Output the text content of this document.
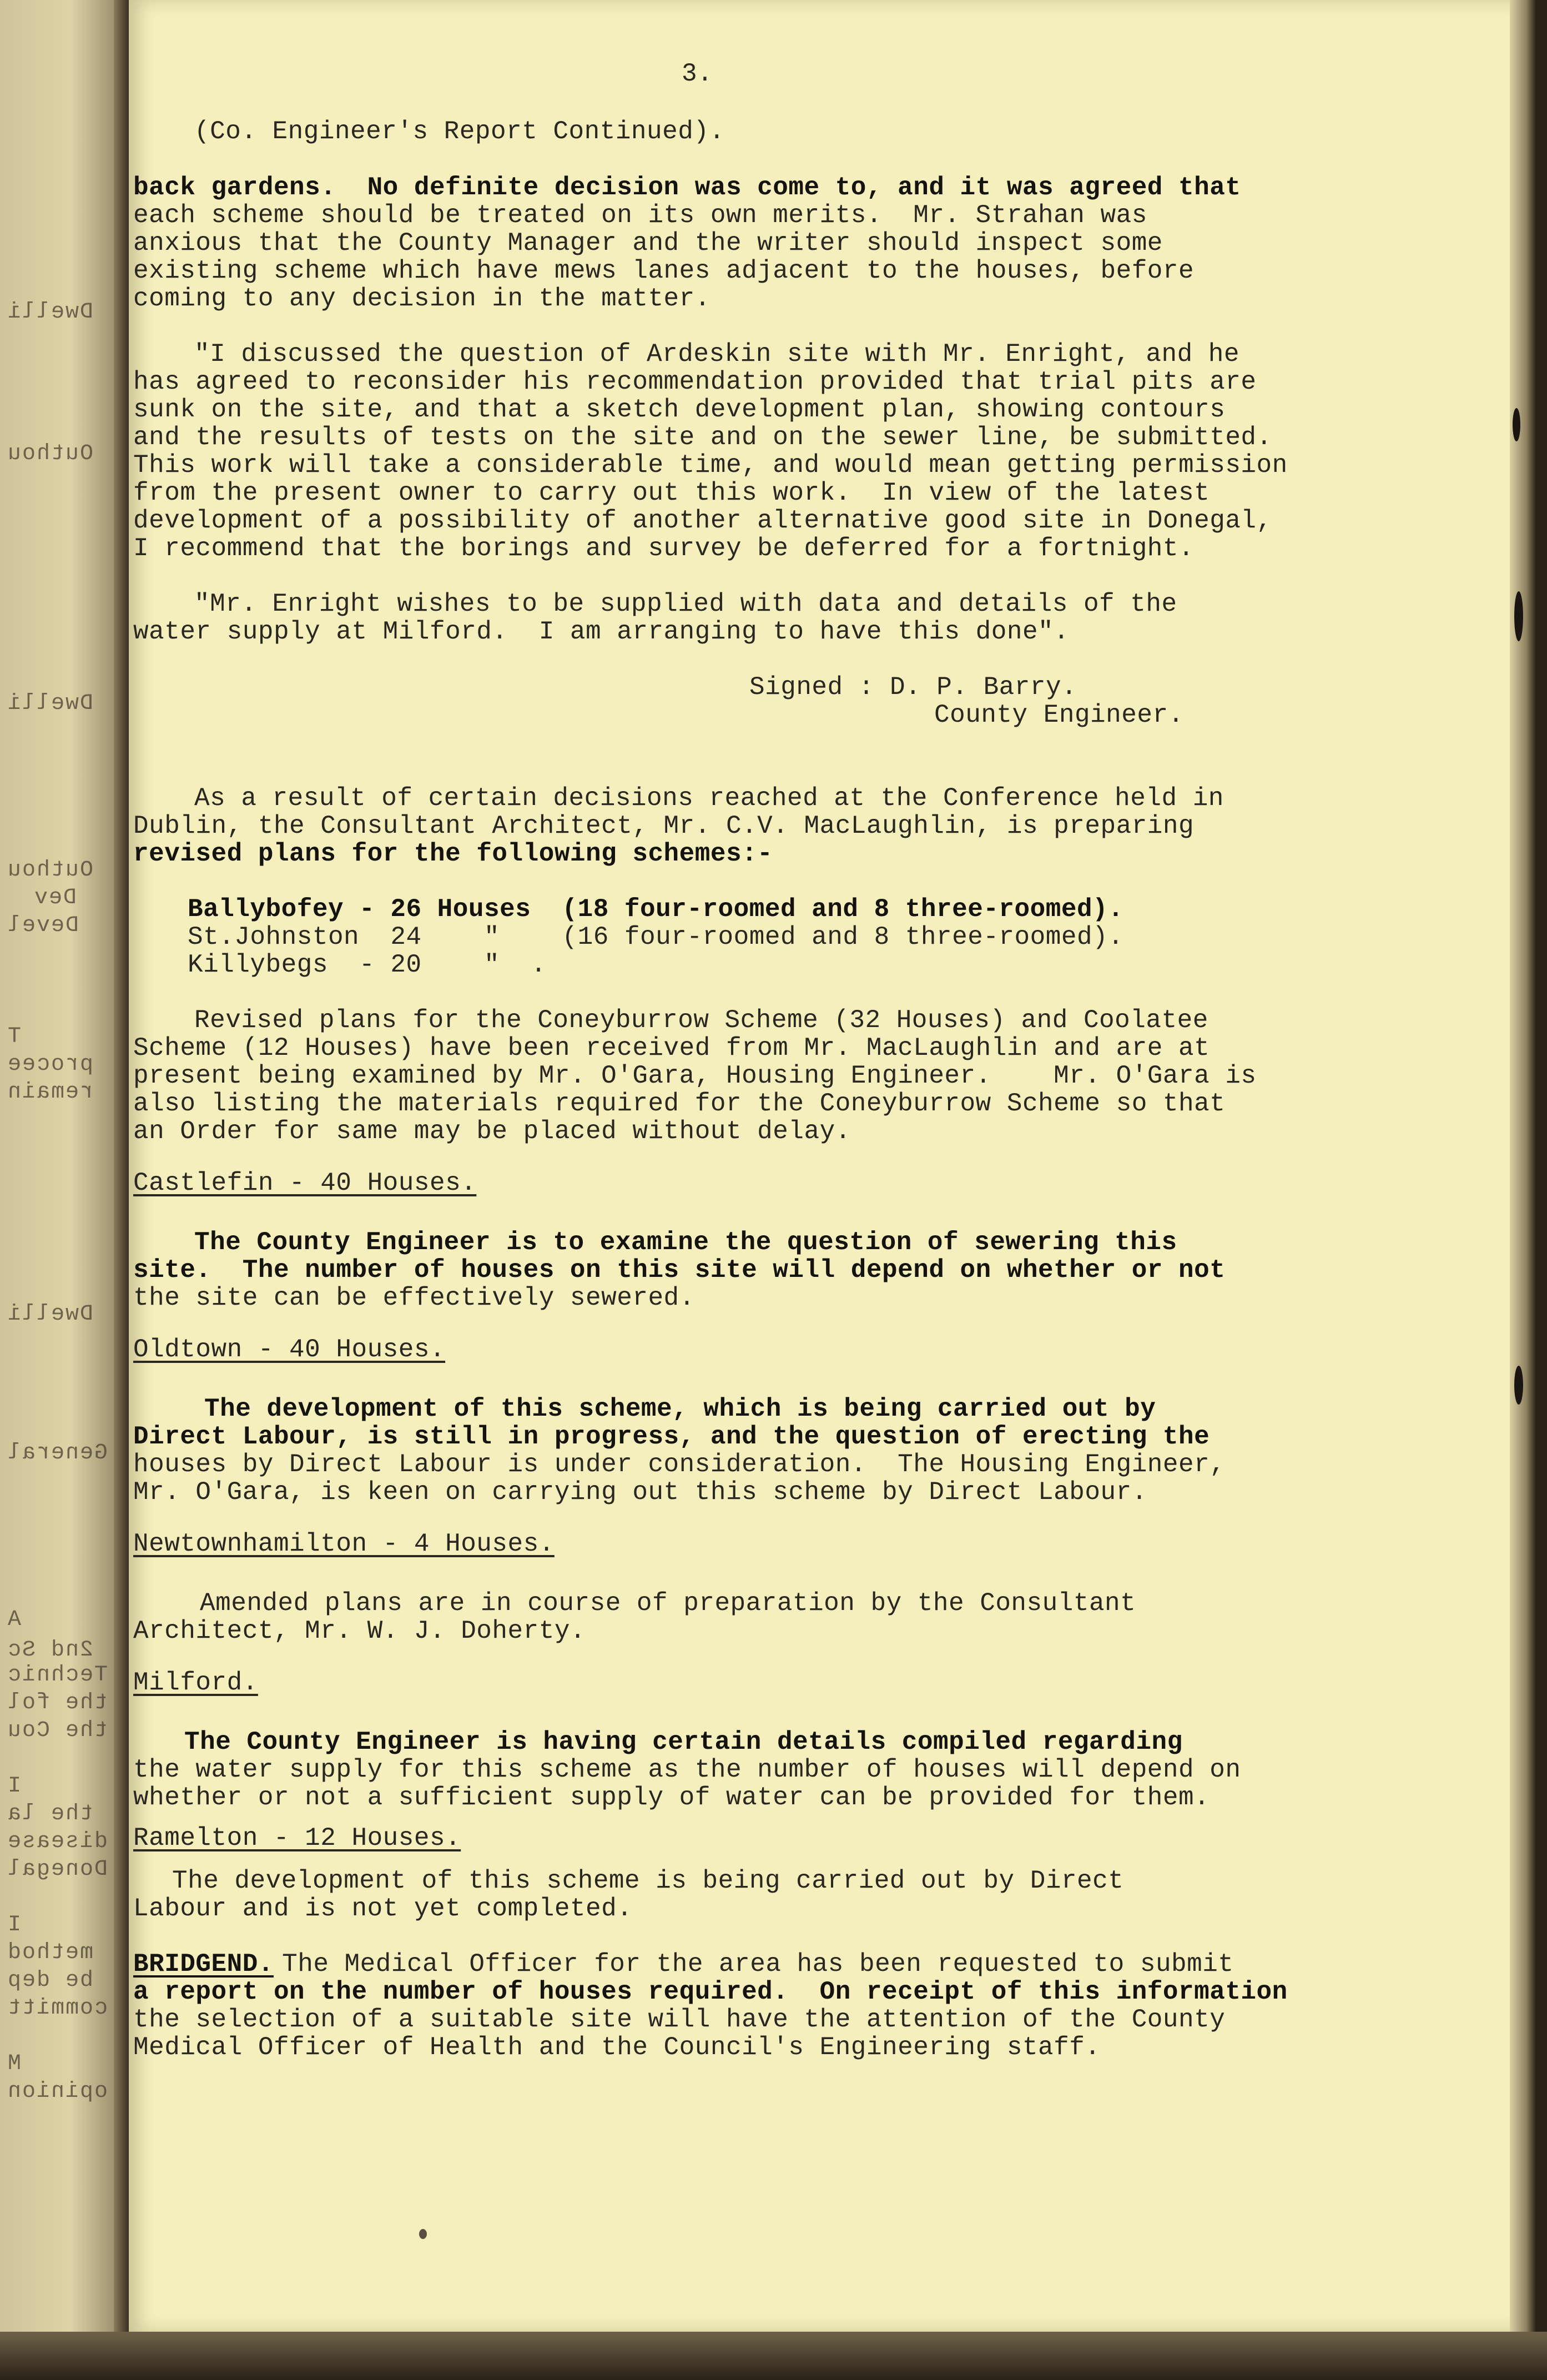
Dwelli
Outhou
Dwelli
Outhou
Dev
Devel
T
procee
remain
Dwelli
General
A
2nd Sc
Technic
the fol
the Cou
I
the la
disease
Donegal
I
method
be dep
committ
M
opinion
3.
(Co. Engineer's Report Continued).
back gardens.  No definite decision was come to, and it was agreed that
each scheme should be treated on its own merits.  Mr. Strahan was
anxious that the County Manager and the writer should inspect some
existing scheme which have mews lanes adjacent to the houses, before
coming to any decision in the matter.
"I discussed the question of Ardeskin site with Mr. Enright, and he
has agreed to reconsider his recommendation provided that trial pits are
sunk on the site, and that a sketch development plan, showing contours
and the results of tests on the site and on the sewer line, be submitted.
This work will take a considerable time, and would mean getting permission
from the present owner to carry out this work.  In view of the latest
development of a possibility of another alternative good site in Donegal,
I recommend that the borings and survey be deferred for a fortnight.
"Mr. Enright wishes to be supplied with data and details of the
water supply at Milford.  I am arranging to have this done".
Signed : D. P. Barry.
County Engineer.
As a result of certain decisions reached at the Conference held in
Dublin, the Consultant Architect, Mr. C.V. MacLaughlin, is preparing
revised plans for the following schemes:-
Ballybofey - 26 Houses  (18 four-roomed and 8 three-roomed).
St.Johnston  24    "    (16 four-roomed and 8 three-roomed).
Killybegs  - 20    "  .
Revised plans for the Coneyburrow Scheme (32 Houses) and Coolatee
Scheme (12 Houses) have been received from Mr. MacLaughlin and are at
present being examined by Mr. O'Gara, Housing Engineer.    Mr. O'Gara is
also listing the materials required for the Coneyburrow Scheme so that
an Order for same may be placed without delay.
Castlefin - 40 Houses.
The County Engineer is to examine the question of sewering this
site.  The number of houses on this site will depend on whether or not
the site can be effectively sewered.
Oldtown - 40 Houses.
The development of this scheme, which is being carried out by
Direct Labour, is still in progress, and the question of erecting the
houses by Direct Labour is under consideration.  The Housing Engineer,
Mr. O'Gara, is keen on carrying out this scheme by Direct Labour.
Newtownhamilton - 4 Houses.
Amended plans are in course of preparation by the Consultant
Architect, Mr. W. J. Doherty.
Milford.
The County Engineer is having certain details compiled regarding
the water supply for this scheme as the number of houses will depend on
whether or not a sufficient supply of water can be provided for them.
Ramelton - 12 Houses.
The development of this scheme is being carried out by Direct
Labour and is not yet completed.
BRIDGEND.
The Medical Officer for the area has been requested to submit
a report on the number of houses required.  On receipt of this information
the selection of a suitable site will have the attention of the County
Medical Officer of Health and the Council's Engineering staff.
